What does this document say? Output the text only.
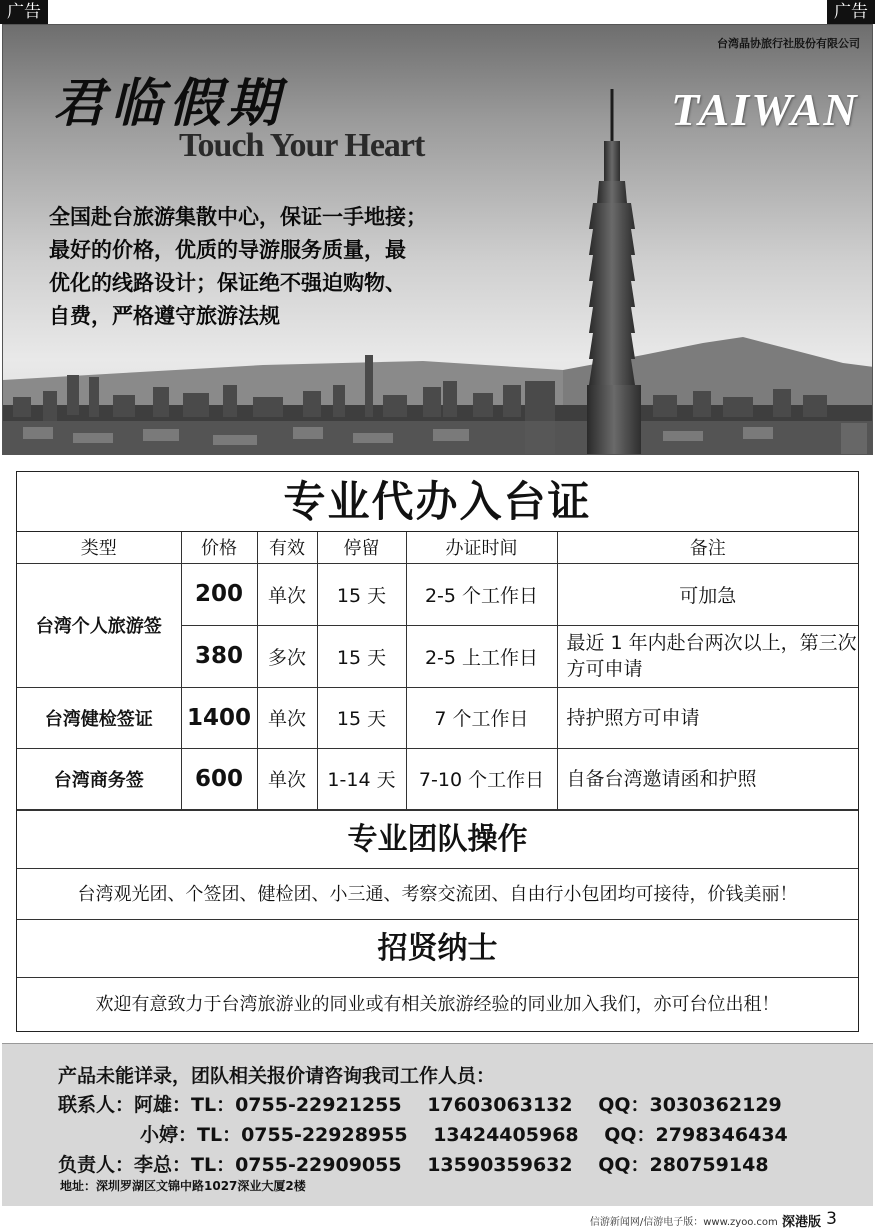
广告	广告
台湾晶协旅行社股份有限公司
君临假期
Touch Your Heart
TAIWAN
全国赴台旅游集散中心，保证一手地接；
最好的价格，优质的导游服务质量，最
优化的线路设计；保证绝不强迫购物、
自费，严格遵守旅游法规
专业代办入台证
类型	价格	有效	停留	办证时间	备注
台湾个人旅游签	200	单次	15 天	2-5 个工作日	可加急
	380	多次	15 天	2-5 上工作日	最近 1 年内赴台两次以上，第三次方可申请
台湾健检签证	1400	单次	15 天	7 个工作日	持护照方可申请
台湾商务签	600	单次	1-14 天	7-10 个工作日	自备台湾邀请函和护照
专业团队操作
台湾观光团、个签团、健检团、小三通、考察交流团、自由行小包团均可接待，价钱美丽！
招贤纳士
欢迎有意致力于台湾旅游业的同业或有相关旅游经验的同业加入我们，亦可台位出租！
产品未能详录，团队相关报价请咨询我司工作人员：
联系人：阿雄：TL：0755-22921255　 17603063132　 QQ：3030362129
小婷：TL：0755-22928955　 13424405968　 QQ：2798346434
负责人：李总：TL：0755-22909055　 13590359632　 QQ：280759148
地址：深圳罗湖区文锦中路1027深业大厦2楼
信游新闻网/信游电子版：www.zyoo.com │
深港版 3
